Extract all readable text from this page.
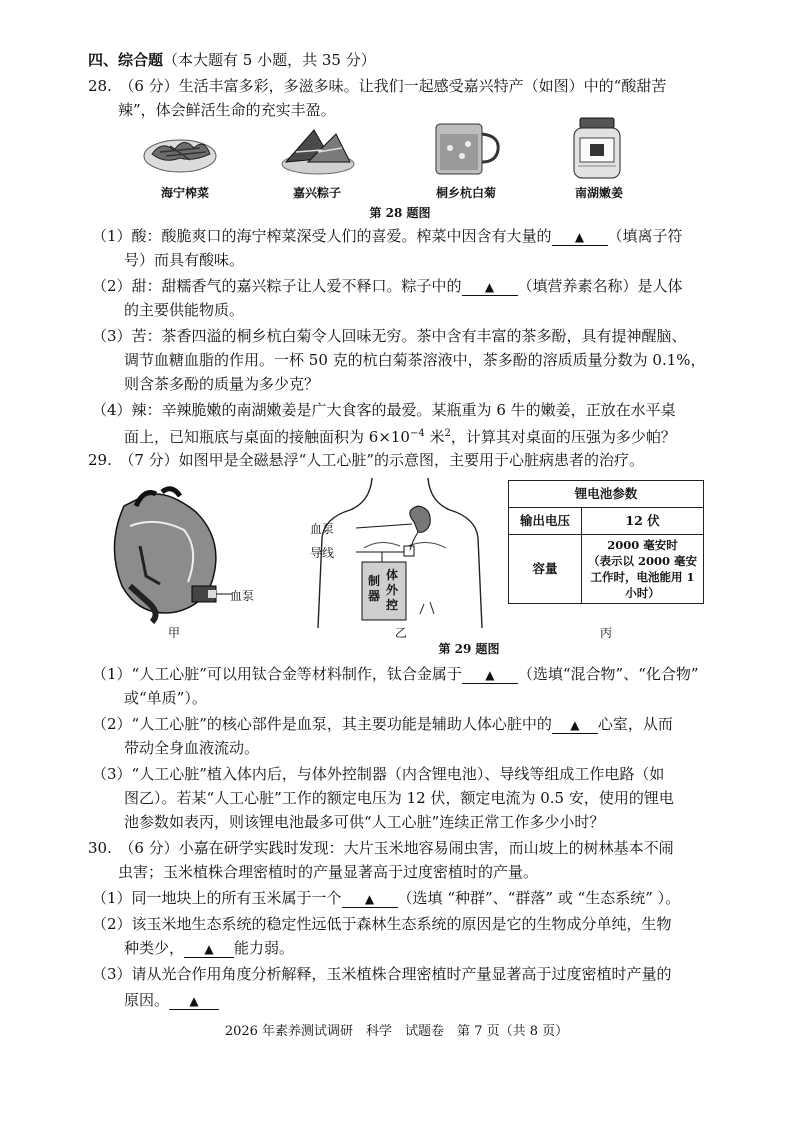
四、综合题（本大题有 5 小题，共 35 分）
28.　（6 分）生活丰富多彩，多滋多味。让我们一起感受嘉兴特产（如图）中的“酸甜苦
辣”，体会鲜活生命的充实丰盈。
海宁榨菜	嘉兴粽子	桐乡杭白菊	南湖嫩姜
第 28 题图
（1）酸：酸脆爽口的海宁榨菜深受人们的喜爱。榨菜中因含有大量的 ▲ （填离子符
号）而具有酸味。
（2）甜：甜糯香气的嘉兴粽子让人爱不释口。粽子中的 ▲ （填营养素名称）是人体
的主要供能物质。
（3）苦：茶香四溢的桐乡杭白菊令人回味无穷。茶中含有丰富的茶多酚，具有提神醒脑、
调节血糖血脂的作用。一杯 50 克的杭白菊茶溶液中，茶多酚的溶质质量分数为 0.1%，
则含茶多酚的质量为多少克？
（4）辣：辛辣脆嫩的南湖嫩姜是广大食客的最爱。某瓶重为 6 牛的嫩姜，正放在水平桌
面上，已知瓶底与桌面的接触面积为 $6\times 10^{-4}$ 米$^2$，计算其对桌面的压强为多少帕？
29.　（7 分）如图甲是全磁悬浮“人工心脏”的示意图，主要用于心脏病患者的治疗。
血泵
甲
血泵
导线
体外控
制器
乙
锂电池参数	
输出电压	12 伏
容量	2000 毫安时
（表示以 2000 毫安
工作时，电池能用 1
小时）
丙
第 29 题图
（1）“人工心脏”可以用钛合金等材料制作，钛合金属于 ▲ （选填“混合物”、“化合物”
或“单质”）。
（2）“人工心脏”的核心部件是血泵，其主要功能是辅助人体心脏中的 ▲ 心室，从而
带动全身血液流动。
（3）“人工心脏”植入体内后，与体外控制器（内含锂电池）、导线等组成工作电路（如
图乙）。若某“人工心脏”工作的额定电压为 12 伏，额定电流为 0.5 安，使用的锂电
池参数如表丙，则该锂电池最多可供“人工心脏”连续正常工作多少小时？
30.　（6 分）小嘉在研学实践时发现：大片玉米地容易闹虫害，而山坡上的树林基本不闹
虫害；玉米植株合理密植时的产量显著高于过度密植时的产量。
（1）同一地块上的所有玉米属于一个 ▲ （选填 “种群”、“群落” 或 “生态系统” ）。
（2）该玉米地生态系统的稳定性远低于森林生态系统的原因是它的生物成分单纯，生物
种类少， ▲ 能力弱。
（3）请从光合作用角度分析解释，玉米植株合理密植时产量显著高于过度密植时产量的
原因。 ▲
2026 年素养测试调研　科学　试题卷　第 7 页（共 8 页）
